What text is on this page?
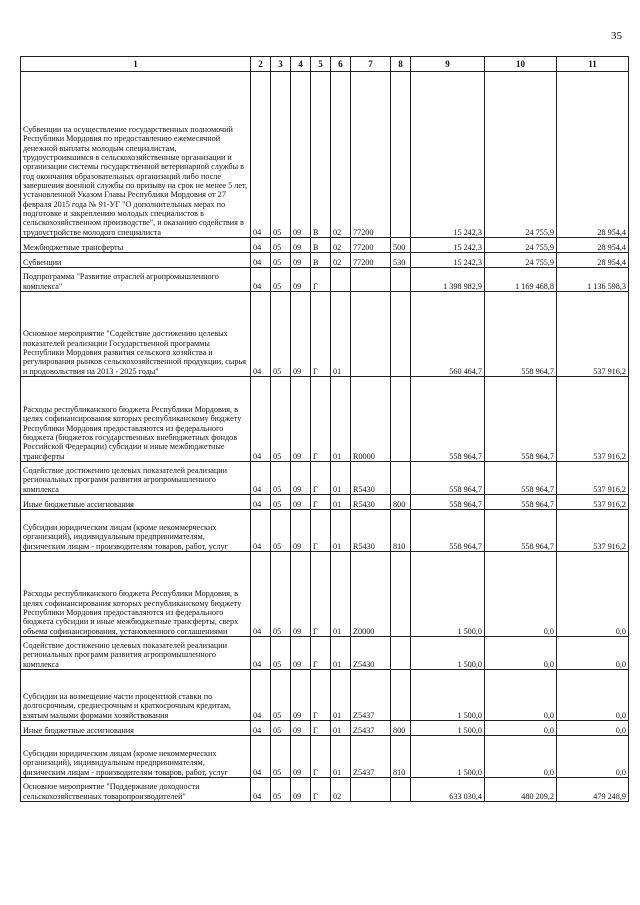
35
1	2	3	4	5	6	7	8	9	10	11
Субвенции на осуществление государственных полномочий Республики Мордовия по предоставлению ежемесячной денежной выплаты молодым специалистам, трудоустроившимся в сельскохозяйственные организации и организации системы государственной ветеринарной службы в год окончания образовательных организаций либо после завершения военной службы по призыву на срок не менее 5 лет, установленной Указом Главы Республики Мордовия от 27 февраля 2015 года № 91-УГ "О дополнительных мерах по подготовке и закреплению молодых специалистов в сельскохозяйственном производстве", и оказанию содействия в трудоустройстве молодого специалиста	04	05	09	В	02	77200		15 242,3	24 755,9	28 954,4
Межбюджетные трансферты	04	05	09	В	02	77200	500	15 242,3	24 755,9	28 954,4
Субвенции	04	05	09	В	02	77200	530	15 242,3	24 755,9	28 954,4
Подпрограмма "Развитие отраслей агропромышленного комплекса"	04	05	09	Г				1 398 982,9	1 169 468,8	1 136 598,3
Основное мероприятие "Содействие достижению целевых показателей реализации Государственной программы Республики Мордовия развития сельского хозяйства и регулирования рынков сельскохозяйственной продукции, сырья и продовольствия на 2013 - 2025 годы"	04	05	09	Г	01			560 464,7	558 964,7	537 916,2
Расходы республиканского бюджета Республики Мордовия, в целях софинансирования которых республиканскому бюджету Республики Мордовия предоставляются из федерального бюджета (бюджетов государственных внебюджетных фондов Российской Федерации) субсидии и иные межбюджетные трансферты	04	05	09	Г	01	R0000		558 964,7	558 964,7	537 916,2
Содействие достижению целевых показателей реализации региональных программ развития агропромышленного комплекса	04	05	09	Г	01	R5430		558 964,7	558 964,7	537 916,2
Иные бюджетные ассигнования	04	05	09	Г	01	R5430	800	558 964,7	558 964,7	537 916,2
Субсидии юридическим лицам (кроме некоммерческих организаций), индивидуальным предпринимателям, физическим лицам - производителям товаров, работ, услуг	04	05	09	Г	01	R5430	810	558 964,7	558 964,7	537 916,2
Расходы республиканского бюджета Республики Мордовия, в целях софинансирования которых республиканскому бюджету Республики Мордовия предоставляются из федерального бюджета субсидии и иные межбюджетные трансферты, сверх объема софинансирования, установленного соглашениями	04	05	09	Г	01	Z0000		1 500,0	0,0	0,0
Содействие достижению целевых показателей реализации региональных программ развития агропромышленного комплекса	04	05	09	Г	01	Z5430		1 500,0	0,0	0,0
Субсидии на возмещение части процентной ставки по долгосрочным, среднесрочным и краткосрочным кредитам, взятым малыми формами хозяйствования	04	05	09	Г	01	Z5437		1 500,0	0,0	0,0
Иные бюджетные ассигнования	04	05	09	Г	01	Z5437	800	1 500,0	0,0	0,0
Субсидии юридическим лицам (кроме некоммерческих организаций), индивидуальным предпринимателям, физическим лицам - производителям товаров, работ, услуг	04	05	09	Г	01	Z5437	810	1 500,0	0,0	0,0
Основное мероприятие "Поддержание доходности сельскохозяйственных товаропроизводителей"	04	05	09	Г	02			633 030,4	480 209,2	479 248,9
